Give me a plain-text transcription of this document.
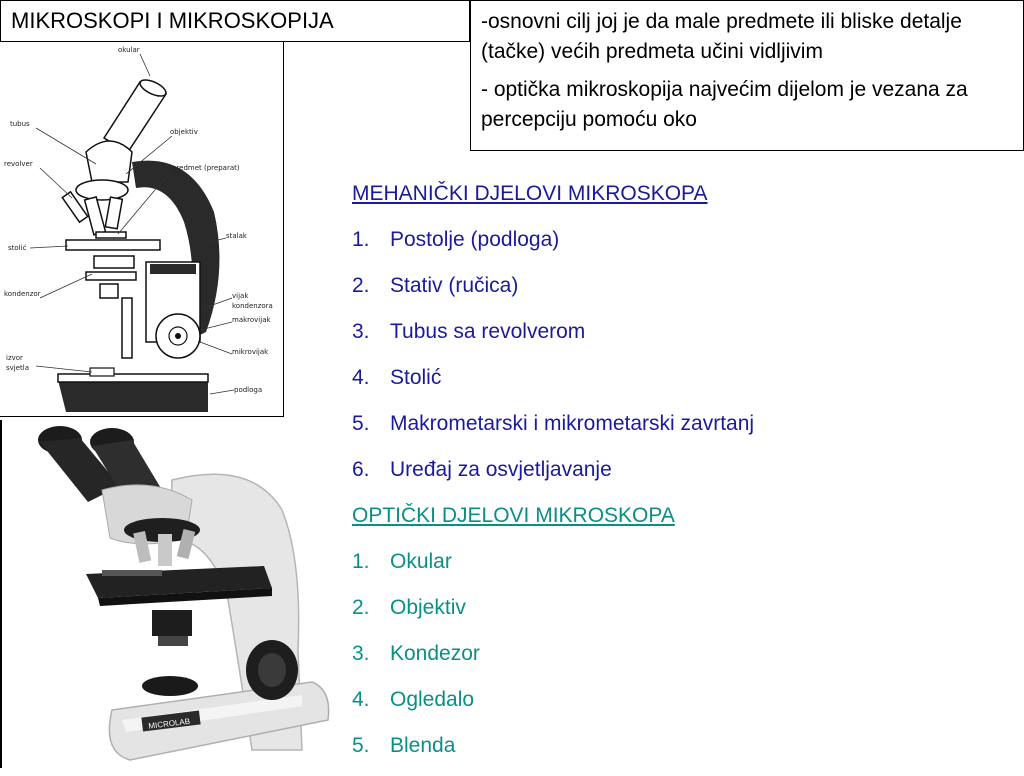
MIKROSKOPI I MIKROSKOPIJA	-osnovni cilj joj je da male predmete ili bliske detalje (tačke) većih predmeta učini vidljivim

- optička mikroskopija najvećim dijelom je vezana za percepciju pomoću oko

okular
tubus
objektiv
revolver	predmet (preparat)
stalak
stolić
kondenzor	vijak
kondenzora
makrovijak
mikrovijak
izvor
svjetla
podloga
MICROLAB
MEHANIČKI DJELOVI MIKROSKOPA
1. Postolje (podloga)
2. Stativ (ručica)
3. Tubus sa revolverom
4. Stolić
5. Makrometarski i mikrometarski zavrtanj
6. Uređaj za osvjetljavanje
OPTIČKI DJELOVI MIKROSKOPA
1. Okular
2. Objektiv
3. Kondezor
4. Ogledalo
5. Blenda
